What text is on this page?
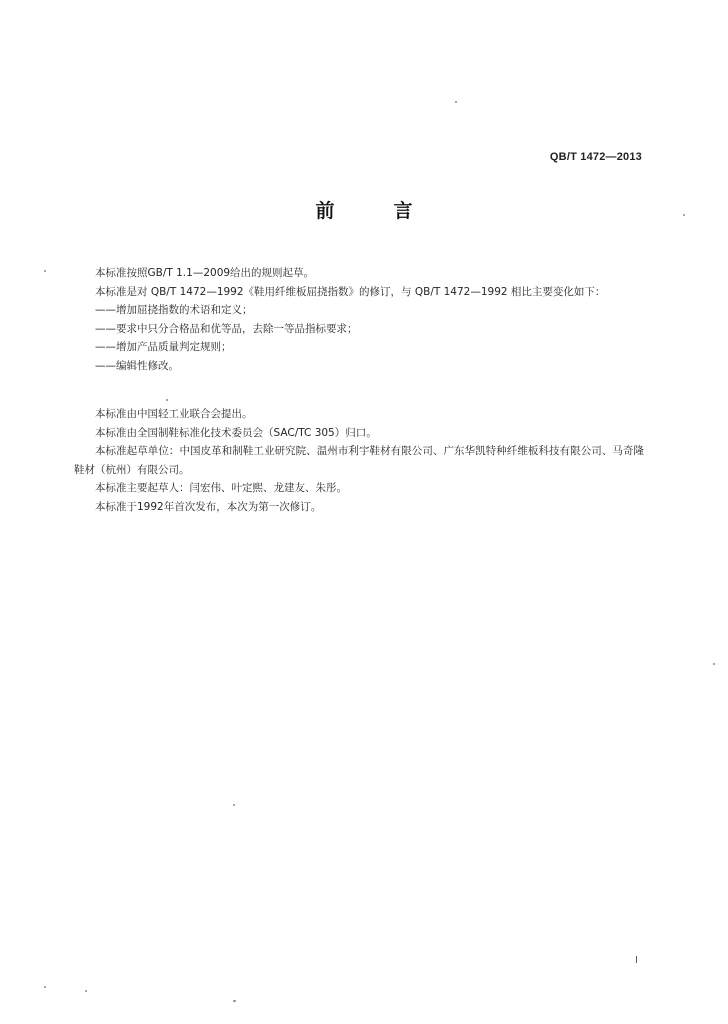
QB/T 1472—2013
前　言

本标准按照GB/T 1.1—2009给出的规则起草。

本标准是对 QB/T 1472—1992《鞋用纤维板屈挠指数》的修订，与 QB/T 1472—1992 相比主要变化如下：

——增加屈挠指数的术语和定义；

——要求中只分合格品和优等品，去除一等品指标要求；

——增加产品质量判定规则；

——编辑性修改。

本标准由中国轻工业联合会提出。

本标准由全国制鞋标准化技术委员会（SAC/TC 305）归口。

本标准起草单位：中国皮革和制鞋工业研究院、温州市利宇鞋材有限公司、广东华凯特种纤维板科技有限公司、马奇隆鞋材（杭州）有限公司。

本标准主要起草人：闫宏伟、叶定熙、龙建友、朱彤。

本标准于1992年首次发布，本次为第一次修订。

I
